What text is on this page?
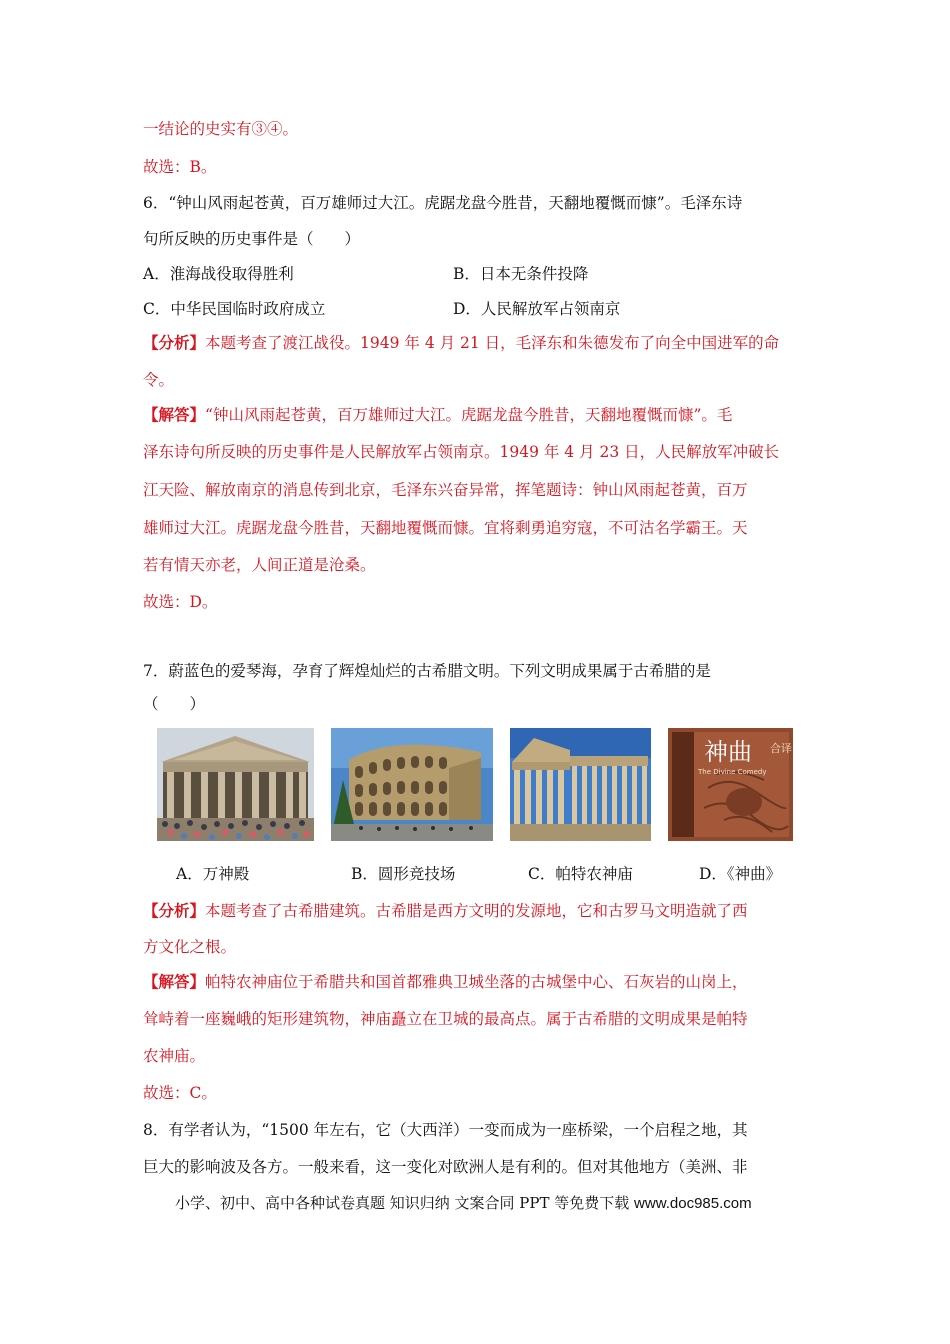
一结论的史实有③④。
故选：B。
6．“钟山风雨起苍黄，百万雄师过大江。虎踞龙盘今胜昔，天翻地覆慨而慷”。毛泽东诗
句所反映的历史事件是（　　）
A．淮海战役取得胜利	B．日本无条件投降
C．中华民国临时政府成立	D．人民解放军占领南京
【分析】本题考查了渡江战役。1949 年 4 月 21 日，毛泽东和朱德发布了向全中国进军的命
令。
【解答】“钟山风雨起苍黄，百万雄师过大江。虎踞龙盘今胜昔，天翻地覆慨而慷”。毛
泽东诗句所反映的历史事件是人民解放军占领南京。1949 年 4 月 23 日，人民解放军冲破长
江天险、解放南京的消息传到北京，毛泽东兴奋异常，挥笔题诗：钟山风雨起苍黄，百万
雄师过大江。虎踞龙盘今胜昔，天翻地覆慨而慷。宜将剩勇追穷寇，不可沽名学霸王。天
若有情天亦老，人间正道是沧桑。
故选：D。
7．蔚蓝色的爱琴海，孕育了辉煌灿烂的古希腊文明。下列文明成果属于古希腊的是
（　　）
神曲 合译
The Divine Comedy
A．万神殿	B．圆形竞技场	C．帕特农神庙	D．《神曲》
【分析】本题考查了古希腊建筑。古希腊是西方文明的发源地，它和古罗马文明造就了西
方文化之根。
【解答】帕特农神庙位于希腊共和国首都雅典卫城坐落的古城堡中心、石灰岩的山岗上，
耸峙着一座巍峨的矩形建筑物，神庙矗立在卫城的最高点。属于古希腊的文明成果是帕特
农神庙。
故选：C。
8．有学者认为，“1500 年左右，它（大西洋）一变而成为一座桥梁，一个启程之地，其
巨大的影响波及各方。一般来看，这一变化对欧洲人是有利的。但对其他地方（美洲、非
小学、初中、高中各种试卷真题 知识归纳 文案合同 PPT 等免费下载 www.doc985.com
